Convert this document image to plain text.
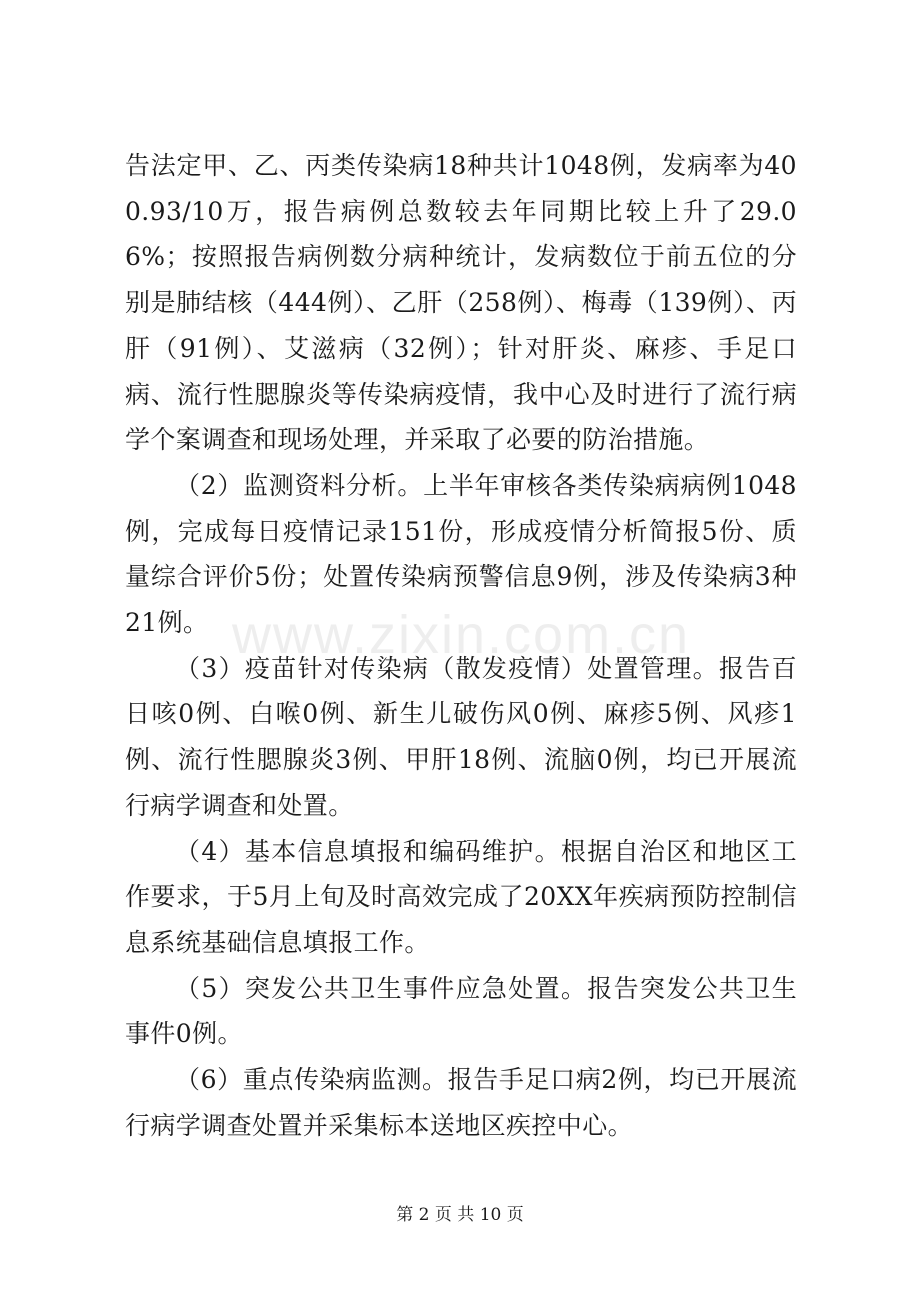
告法定甲、乙、丙类传染病18种共计1048例，发病率为400.93/10万，报告病例总数较去年同期比较上升了29.06%；按照报告病例数分病种统计，发病数位于前五位的分别是肺结核（444例）、乙肝（258例）、梅毒（139例）、丙肝（91例）、艾滋病（32例）；针对肝炎、麻疹、手足口病、流行性腮腺炎等传染病疫情，我中心及时进行了流行病学个案调查和现场处理，并采取了必要的防治措施。

（2）监测资料分析。上半年审核各类传染病病例1048例，完成每日疫情记录151份，形成疫情分析简报5份、质量综合评价5份；处置传染病预警信息9例，涉及传染病3种21例。

（3）疫苗针对传染病（散发疫情）处置管理。报告百日咳0例、白喉0例、新生儿破伤风0例、麻疹5例、风疹1例、流行性腮腺炎3例、甲肝18例、流脑0例，均已开展流行病学调查和处置。

（4）基本信息填报和编码维护。根据自治区和地区工作要求，于5月上旬及时高效完成了20XX年疾病预防控制信息系统基础信息填报工作。

（5）突发公共卫生事件应急处置。报告突发公共卫生事件0例。

（6）重点传染病监测。报告手足口病2例，均已开展流行病学调查处置并采集标本送地区疾控中心。

www.zixin.com.cn
第 2 页 共 10 页
